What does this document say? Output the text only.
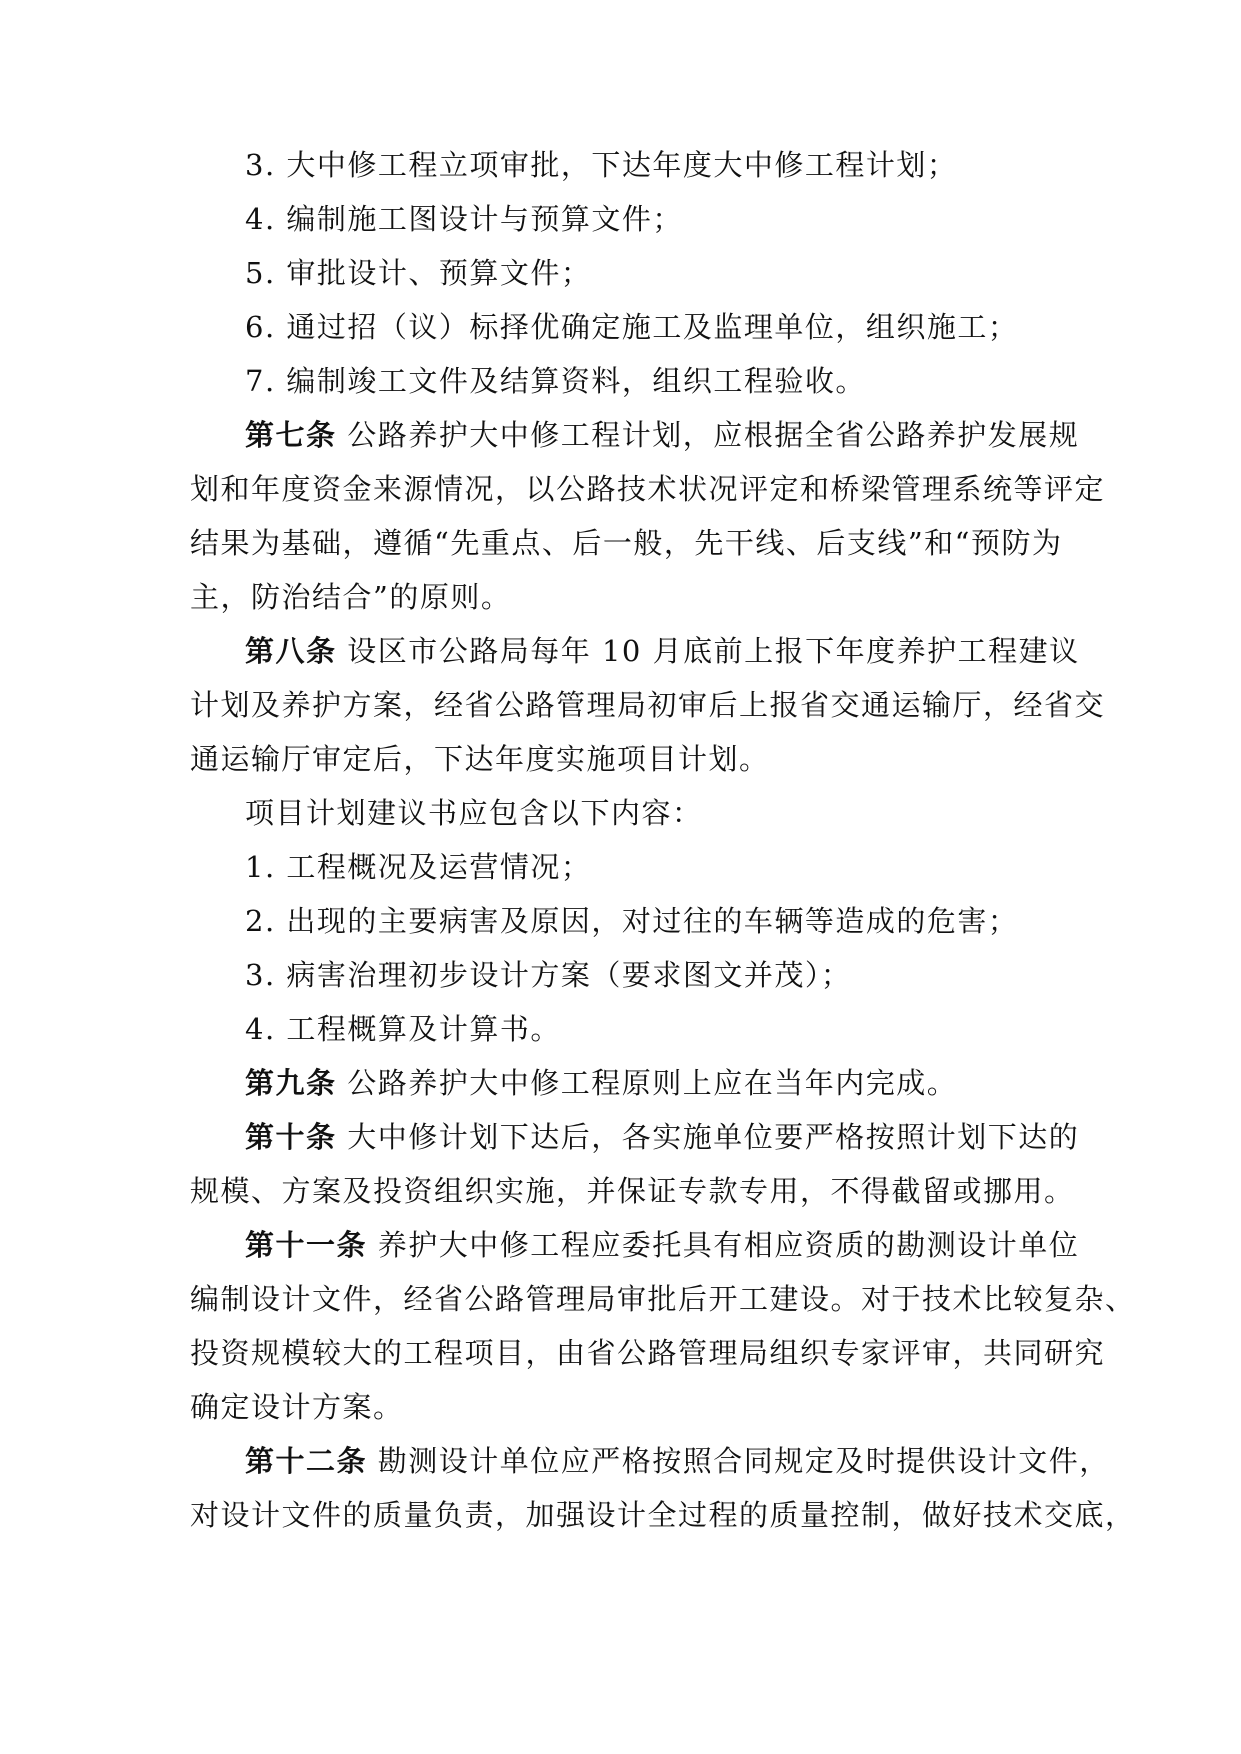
3. 大中修工程立项审批，下达年度大中修工程计划；
4. 编制施工图设计与预算文件；
5. 审批设计、预算文件；
6. 通过招（议）标择优确定施工及监理单位，组织施工；
7. 编制竣工文件及结算资料，组织工程验收。
第七条 公路养护大中修工程计划，应根据全省公路养护发展规
划和年度资金来源情况，以公路技术状况评定和桥梁管理系统等评定
结果为基础，遵循“先重点、后一般，先干线、后支线”和“预防为
主，防治结合”的原则。
第八条 设区市公路局每年 10 月底前上报下年度养护工程建议
计划及养护方案，经省公路管理局初审后上报省交通运输厅，经省交
通运输厅审定后，下达年度实施项目计划。
项目计划建议书应包含以下内容：
1. 工程概况及运营情况；
2. 出现的主要病害及原因，对过往的车辆等造成的危害；
3. 病害治理初步设计方案（要求图文并茂）；
4. 工程概算及计算书。
第九条 公路养护大中修工程原则上应在当年内完成。
第十条 大中修计划下达后，各实施单位要严格按照计划下达的
规模、方案及投资组织实施，并保证专款专用，不得截留或挪用。
第十一条 养护大中修工程应委托具有相应资质的勘测设计单位
编制设计文件，经省公路管理局审批后开工建设。对于技术比较复杂、
投资规模较大的工程项目，由省公路管理局组织专家评审，共同研究
确定设计方案。
第十二条 勘测设计单位应严格按照合同规定及时提供设计文件，
对设计文件的质量负责，加强设计全过程的质量控制，做好技术交底，
